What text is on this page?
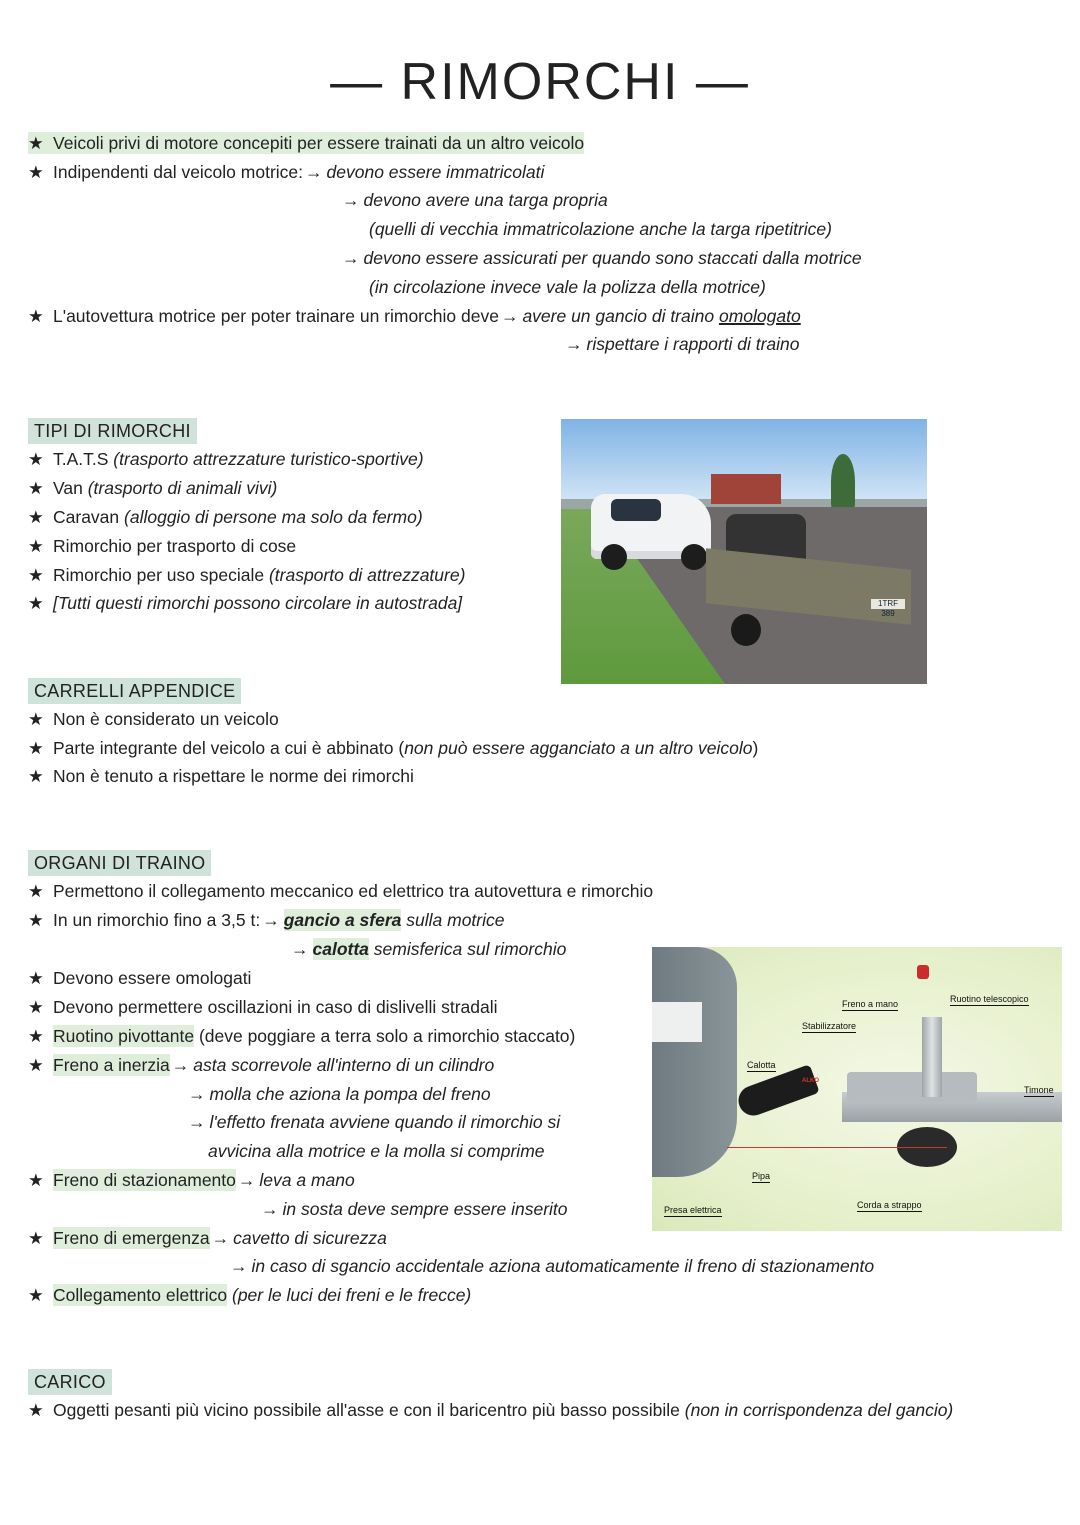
— RIMORCHI —
★ Veicoli privi di motore concepiti per essere trainati da un altro veicolo
★ Indipendenti dal veicolo motrice: → devono essere immatricolati
→ devono avere una targa propria
(quelli di vecchia immatricolazione anche la targa ripetitrice)
→ devono essere assicurati per quando sono staccati dalla motrice
(in circolazione invece vale la polizza della motrice)
★ L'autovettura motrice per poter trainare un rimorchio deve → avere un gancio di traino omologato
→ rispettare i rapporti di traino
TIPI DI RIMORCHI
★ T.A.T.S (trasporto attrezzature turistico-sportive)
★ Van (trasporto di animali vivi)
★ Caravan (alloggio di persone ma solo da fermo)
★ Rimorchio per trasporto di cose
★ Rimorchio per uso speciale (trasporto di attrezzature)
★ [Tutti questi rimorchi possono circolare in autostrada]	1TRF 389
CARRELLI APPENDICE
★ Non è considerato un veicolo
★ Parte integrante del veicolo a cui è abbinato (non può essere agganciato a un altro veicolo)
★ Non è tenuto a rispettare le norme dei rimorchi
ORGANI DI TRAINO
★ Permettono il collegamento meccanico ed elettrico tra autovettura e rimorchio
★ In un rimorchio fino a 3,5 t: → gancio a sfera sulla motrice
→ calotta semisferica sul rimorchio
★ Devono essere omologati
★ Devono permettere oscillazioni in caso di dislivelli stradali
★ Ruotino pivottante (deve poggiare a terra solo a rimorchio staccato)
★ Freno a inerzia → asta scorrevole all'interno di un cilindro
→ molla che aziona la pompa del freno
→ l'effetto frenata avviene quando il rimorchio si
avvicina alla motrice e la molla si comprime
★ Freno di stazionamento → leva a mano
→ in sosta deve sempre essere inserito
★ Freno di emergenza → cavetto di sicurezza
→ in caso di sgancio accidentale aziona automaticamente il freno di stazionamento
★ Collegamento elettrico (per le luci dei freni e le frecce)
Freno a mano	Ruotino telescopico
Stabilizzatore
Calotta
Timone
Pipa
Presa elettrica	Corda a strappo
ALKO
CARICO
★ Oggetti pesanti più vicino possibile all'asse e con il baricentro più basso possibile (non in corrispondenza del gancio)
